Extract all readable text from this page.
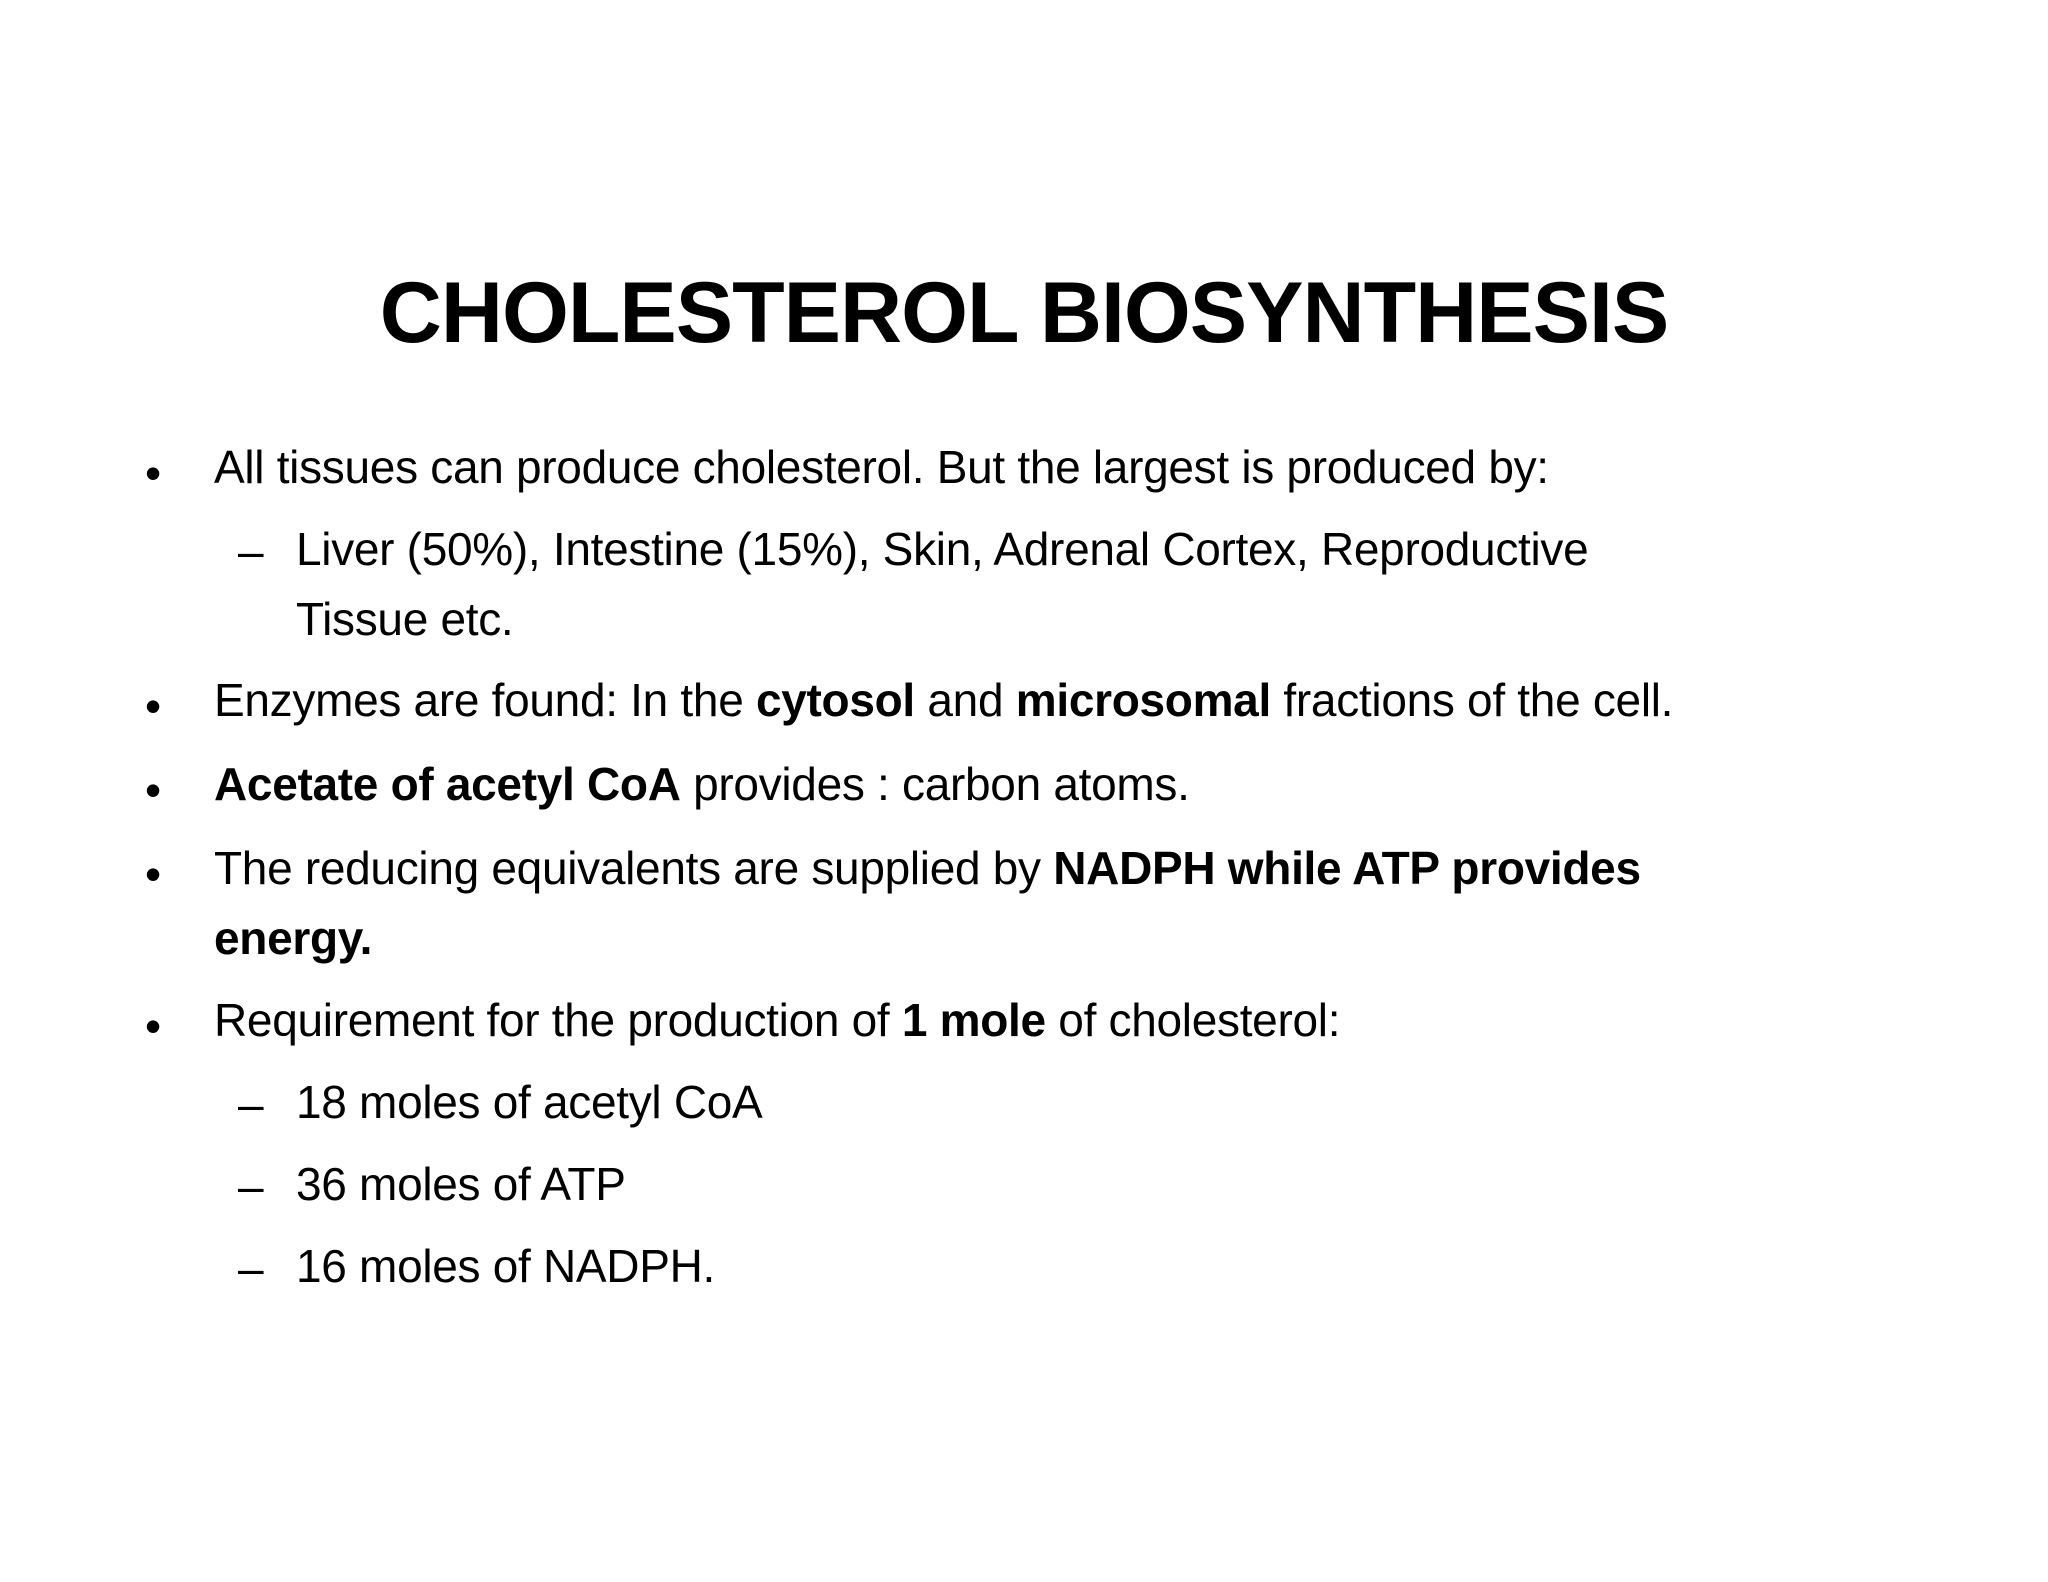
CHOLESTEROL BIOSYNTHESIS
• All tissues can produce cholesterol. But the largest is produced by:
– Liver (50%), Intestine (15%), Skin, Adrenal Cortex, Reproductive
Tissue etc.
• Enzymes are found: In the cytosol and microsomal fractions of the cell.
• Acetate of acetyl CoA provides : carbon atoms.
• The reducing equivalents are supplied by NADPH while ATP provides
energy.
• Requirement for the production of 1 mole of cholesterol:
– 18 moles of acetyl CoA
– 36 moles of ATP
– 16 moles of NADPH.
